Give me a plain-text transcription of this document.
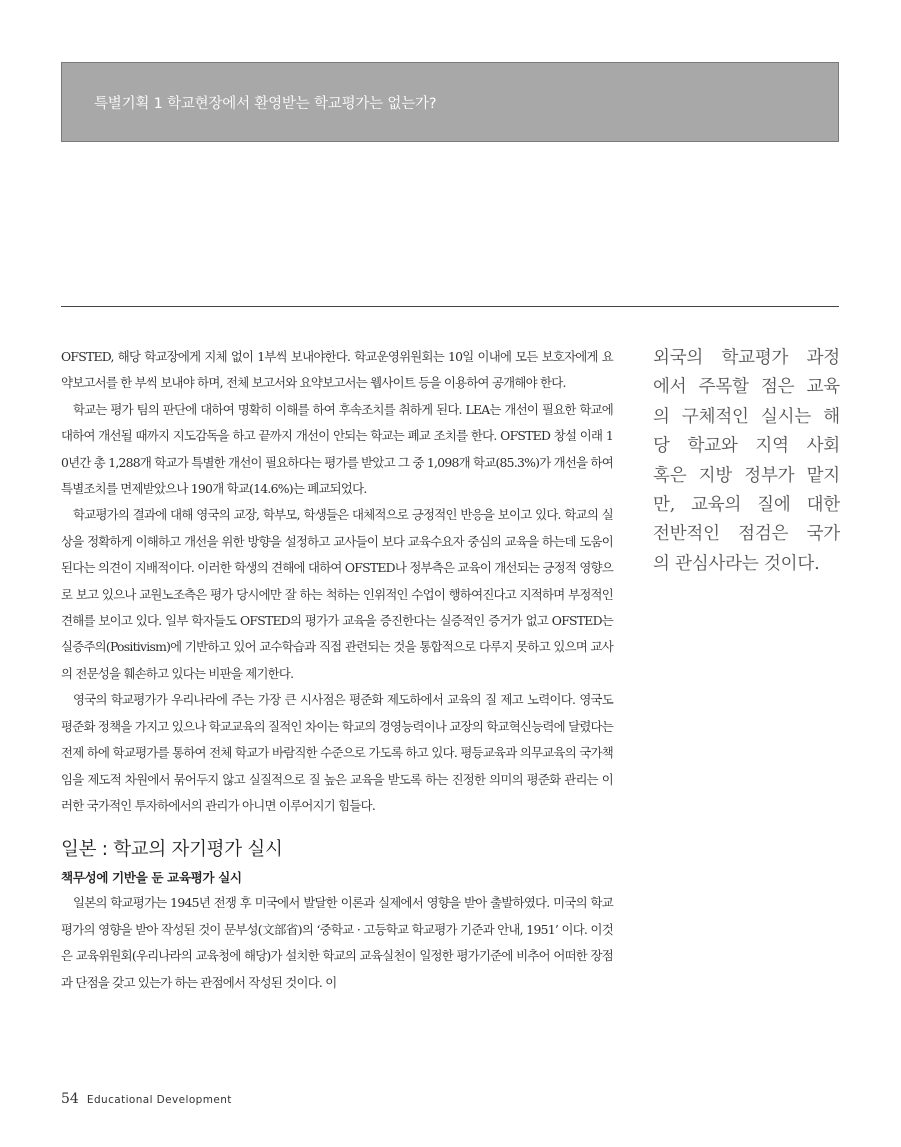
특별기획 1 학교현장에서 환영받는 학교평가는 없는가?

OFSTED, 해당 학교장에게 지체 없이 1부씩 보내야한다. 학교운영위원회는 10일 이내에 모든 보호자에게 요약보고서를 한 부씩 보내야 하며, 전체 보고서와 요약보고서는 웹사이트 등을 이용하여 공개해야 한다.

학교는 평가 팀의 판단에 대하여 명확히 이해를 하여 후속조치를 취하게 된다. LEA는 개선이 필요한 학교에 대하여 개선될 때까지 지도감독을 하고 끝까지 개선이 안되는 학교는 폐교 조치를 한다. OFSTED 창설 이래 10년간 총 1,288개 학교가 특별한 개선이 필요하다는 평가를 받았고 그 중 1,098개 학교(85.3%)가 개선을 하여 특별조치를 면제받았으나 190개 학교(14.6%)는 폐교되었다.

학교평가의 결과에 대해 영국의 교장, 학부모, 학생들은 대체적으로 긍정적인 반응을 보이고 있다. 학교의 실상을 정확하게 이해하고 개선을 위한 방향을 설정하고 교사들이 보다 교육수요자 중심의 교육을 하는데 도움이 된다는 의견이 지배적이다. 이러한 학생의 견해에 대하여 OFSTED나 정부측은 교육이 개선되는 긍정적 영향으로 보고 있으나 교원노조측은 평가 당시에만 잘 하는 척하는 인위적인 수업이 행하여진다고 지적하며 부정적인 견해를 보이고 있다. 일부 학자들도 OFSTED의 평가가 교육을 증진한다는 실증적인 증거가 없고 OFSTED는 실증주의(Positivism)에 기반하고 있어 교수학습과 직접 관련되는 것을 통합적으로 다루지 못하고 있으며 교사의 전문성을 훼손하고 있다는 비판을 제기한다.

영국의 학교평가가 우리나라에 주는 가장 큰 시사점은 평준화 제도하에서 교육의 질 제고 노력이다. 영국도 평준화 정책을 가지고 있으나 학교교육의 질적인 차이는 학교의 경영능력이나 교장의 학교혁신능력에 달렸다는 전제 하에 학교평가를 통하여 전체 학교가 바람직한 수준으로 가도록 하고 있다. 평등교육과 의무교육의 국가책임을 제도적 차원에서 묶어두지 않고 실질적으로 질 높은 교육을 받도록 하는 진정한 의미의 평준화 관리는 이러한 국가적인 투자하에서의 관리가 아니면 이루어지기 힘들다.

일본 : 학교의 자기평가 실시
책무성에 기반을 둔 교육평가 실시

일본의 학교평가는 1945년 전쟁 후 미국에서 발달한 이론과 실제에서 영향을 받아 출발하였다. 미국의 학교평가의 영향을 받아 작성된 것이 문부성(文部省)의 ‘중학교 · 고등학교 학교평가 기준과 안내, 1951’ 이다. 이것은 교육위원회(우리나라의 교육청에 해당)가 설치한 학교의 교육실천이 일정한 평가기준에 비추어 어떠한 장점과 단점을 갖고 있는가 하는 관점에서 작성된 것이다. 이

외국의 학교평가 과정
에서 주목할 점은 교육
의 구체적인 실시는 해
당 학교와 지역 사회
혹은 지방 정부가 맡지
만, 교육의 질에 대한
전반적인 점검은 국가
의 관심사라는 것이다.
54 Educational Development
